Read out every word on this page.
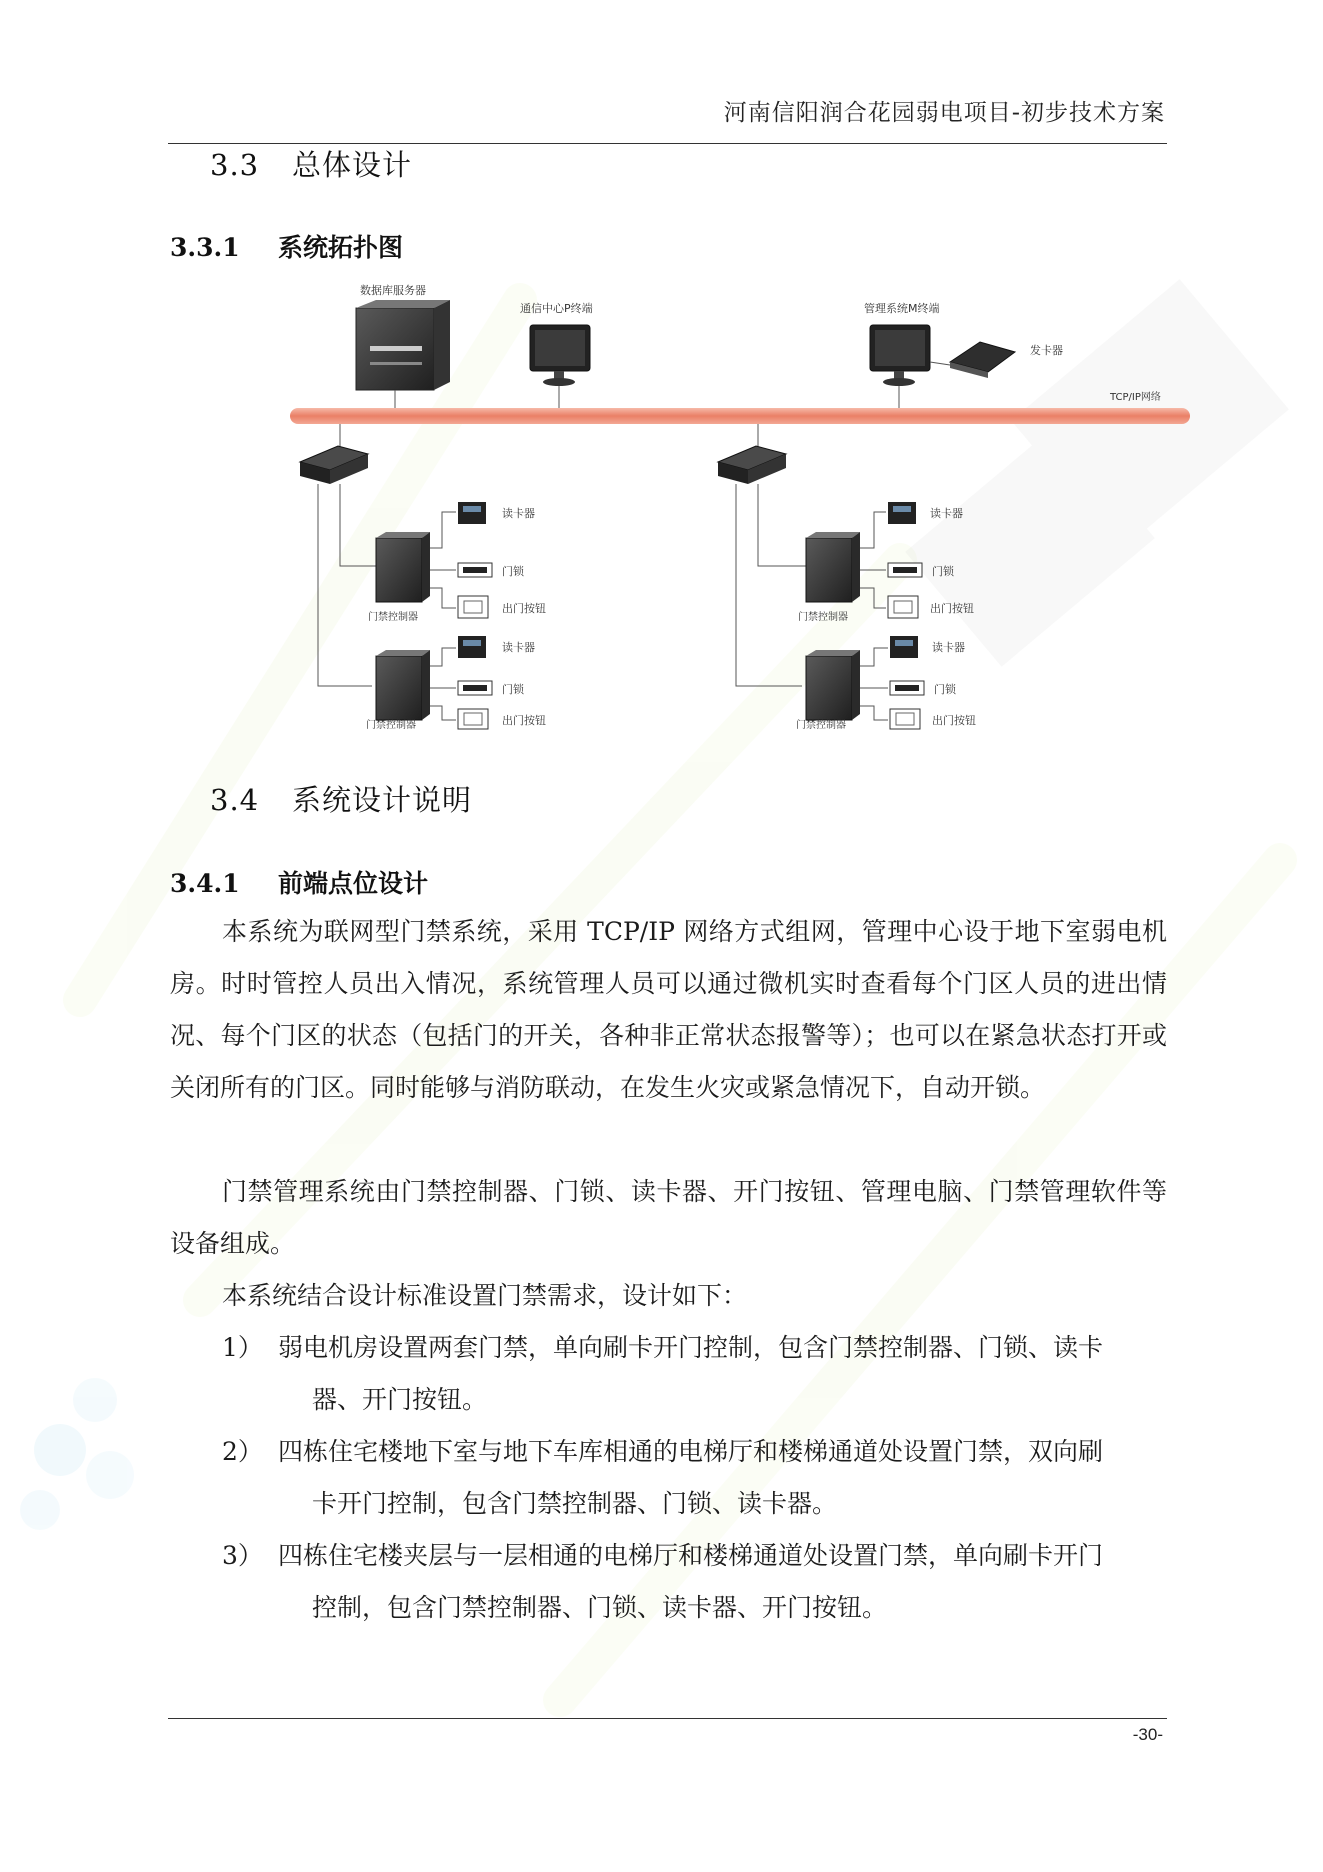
河南信阳润合花园弱电项目-初步技术方案
3.3 总体设计
3.3.1 系统拓扑图
数据库服务器
通信中心P终端	管理系统M终端
发卡器
TCP/IP网络
门禁控制器
读卡器
门锁
出门按钮
门禁控制器
读卡器
门锁
出门按钮
门禁控制器
读卡器
门锁
出门按钮
门禁控制器
读卡器
门锁
出门按钮
3.4 系统设计说明
3.4.1 前端点位设计

本系统为联网型门禁系统，采用 TCP/IP 网络方式组网，管理中心设于地下室弱电机房。时时管控人员出入情况，系统管理人员可以通过微机实时查看每个门区人员的进出情况、每个门区的状态（包括门的开关，各种非正常状态报警等）；也可以在紧急状态打开或关闭所有的门区。同时能够与消防联动，在发生火灾或紧急情况下，自动开锁。

门禁管理系统由门禁控制器、门锁、读卡器、开门按钮、管理电脑、门禁管理软件等设备组成。

本系统结合设计标准设置门禁需求，设计如下：

1） 弱电机房设置两套门禁，单向刷卡开门控制，包含门禁控制器、门锁、读卡
器、开门按钮。
2） 四栋住宅楼地下室与地下车库相通的电梯厅和楼梯通道处设置门禁，双向刷
卡开门控制，包含门禁控制器、门锁、读卡器。
3） 四栋住宅楼夹层与一层相通的电梯厅和楼梯通道处设置门禁，单向刷卡开门
控制，包含门禁控制器、门锁、读卡器、开门按钮。
-30-
